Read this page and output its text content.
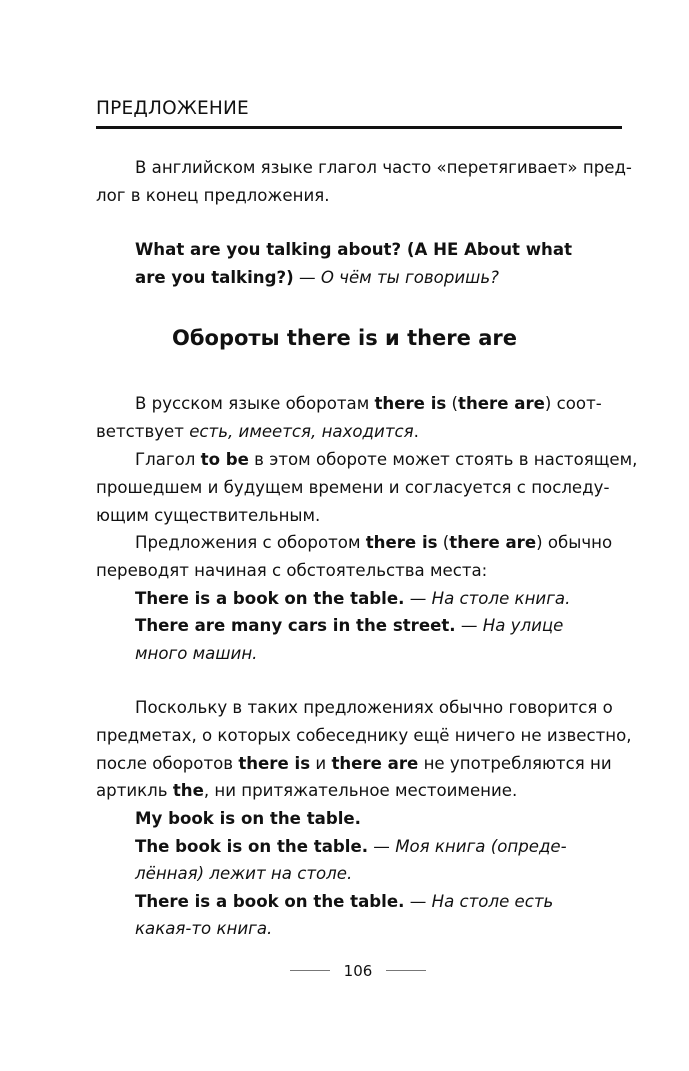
ПРЕДЛОЖЕНИЕ
В английском языке глагол часто «перетягивает» пред-
лог в конец предложения.
What are you talking about? (А НЕ About what
are you talking?) — О чём ты говоришь?
Обороты there is и there are
В русском языке оборотам there is (there are) соот-
ветствует есть, имеется, находится.
Глагол to be в этом обороте может стоять в настоящем,
прошедшем и будущем времени и согласуется с последу-
ющим существительным.
Предложения с оборотом there is (there are) обычно
переводят начиная с обстоятельства места:
There is a book on the table. — На столе книга.
There are many cars in the street. — На улице
много машин.
Поскольку в таких предложениях обычно говорится о
предметах, о которых собеседнику ещё ничего не известно,
после оборотов there is и there are не употребляются ни
артикль the, ни притяжательное местоимение.
My book is on the table.
The book is on the table. — Моя книга (опреде-
лённая) лежит на столе.
There is a book on the table. — На столе есть
какая-то книга.
106
